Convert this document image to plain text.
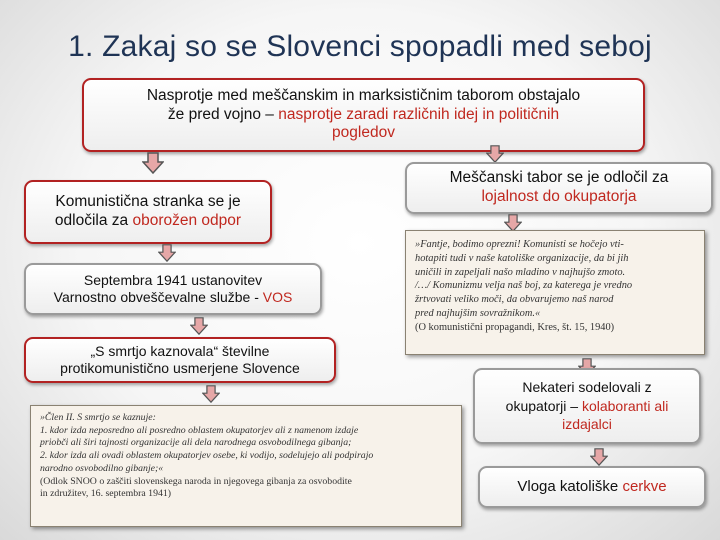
1. Zakaj so se Slovenci spopadli med seboj
Nasprotje med meščanskim in marksističnim taborom obstajalo
že pred vojno – nasprotje zaradi različnih idej in političnih
pogledov
Komunistična stranka se je
odločila za oborožen odpor
Meščanski tabor se je odločil za
lojalnost do okupatorja
»Fantje, bodimo oprezni! Komunisti se hočejo vti-
hotapiti tudi v naše katoliške organizacije, da bi jih
uničili in zapeljali našo mladino v najhujšo zmoto.
/…/ Komunizmu velja naš boj, za katerega je vredno
žrtvovati veliko moči, da obvarujemo naš narod
pred najhujšim sovražnikom.«
(O komunistični propagandi, Kres, št. 15, 1940)
Septembra 1941 ustanovitev
Varnostno obveščevalne službe - VOS
„S smrtjo kaznovala“ številne
protikomunistično usmerjene Slovence
Nekateri sodelovali z
okupatorji – kolaboranti ali
izdajalci
»Člen II. S smrtjo se kaznuje:
1. kdor izda neposredno ali posredno oblastem okupatorjev ali z namenom izdaje
priobči ali širi tajnosti organizacije ali dela narodnega osvobodilnega gibanja;
2. kdor izda ali ovadi oblastem okupatorjev osebe, ki vodijo, sodelujejo ali podpirajo
narodno osvobodilno gibanje;«
(Odlok SNOO o zaščiti slovenskega naroda in njegovega gibanja za osvobodite
in združitev, 16. septembra 1941)	Vloga katoliške cerkve
